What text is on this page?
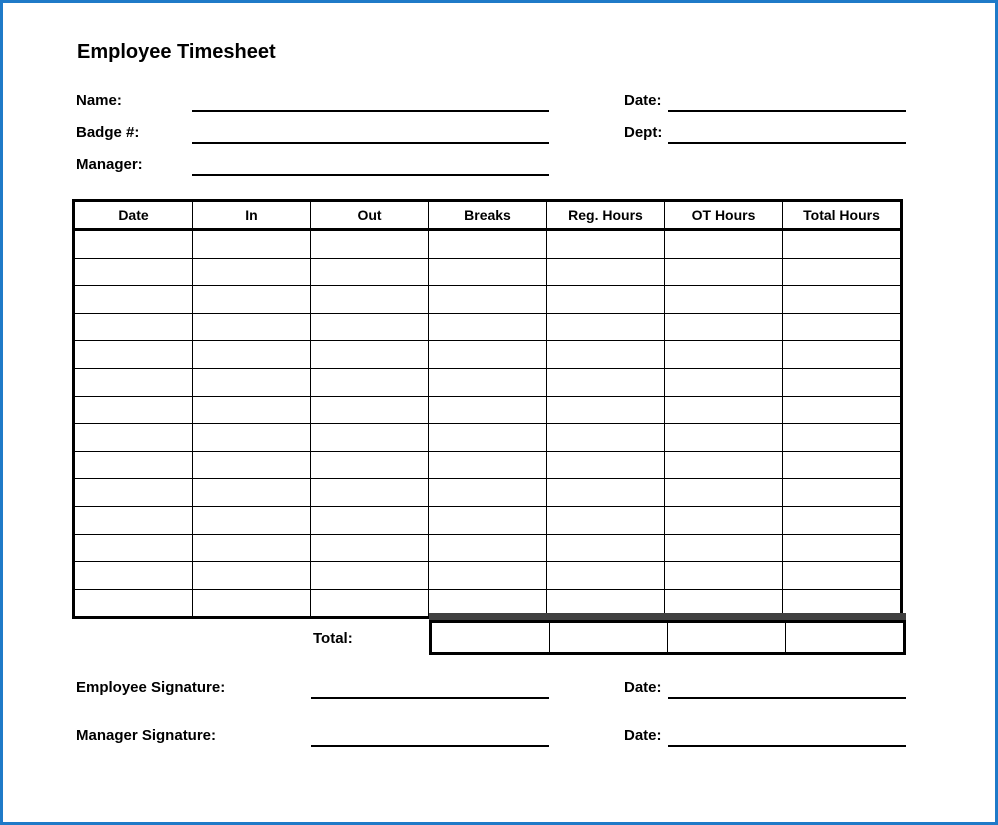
Employee Timesheet
Name:
Badge #:
Manager:
Date:
Dept:
Date	In	Out	Breaks	Reg. Hours	OT Hours	Total Hours

Total:

Employee Signature:	Date:
Manager Signature:	Date:
